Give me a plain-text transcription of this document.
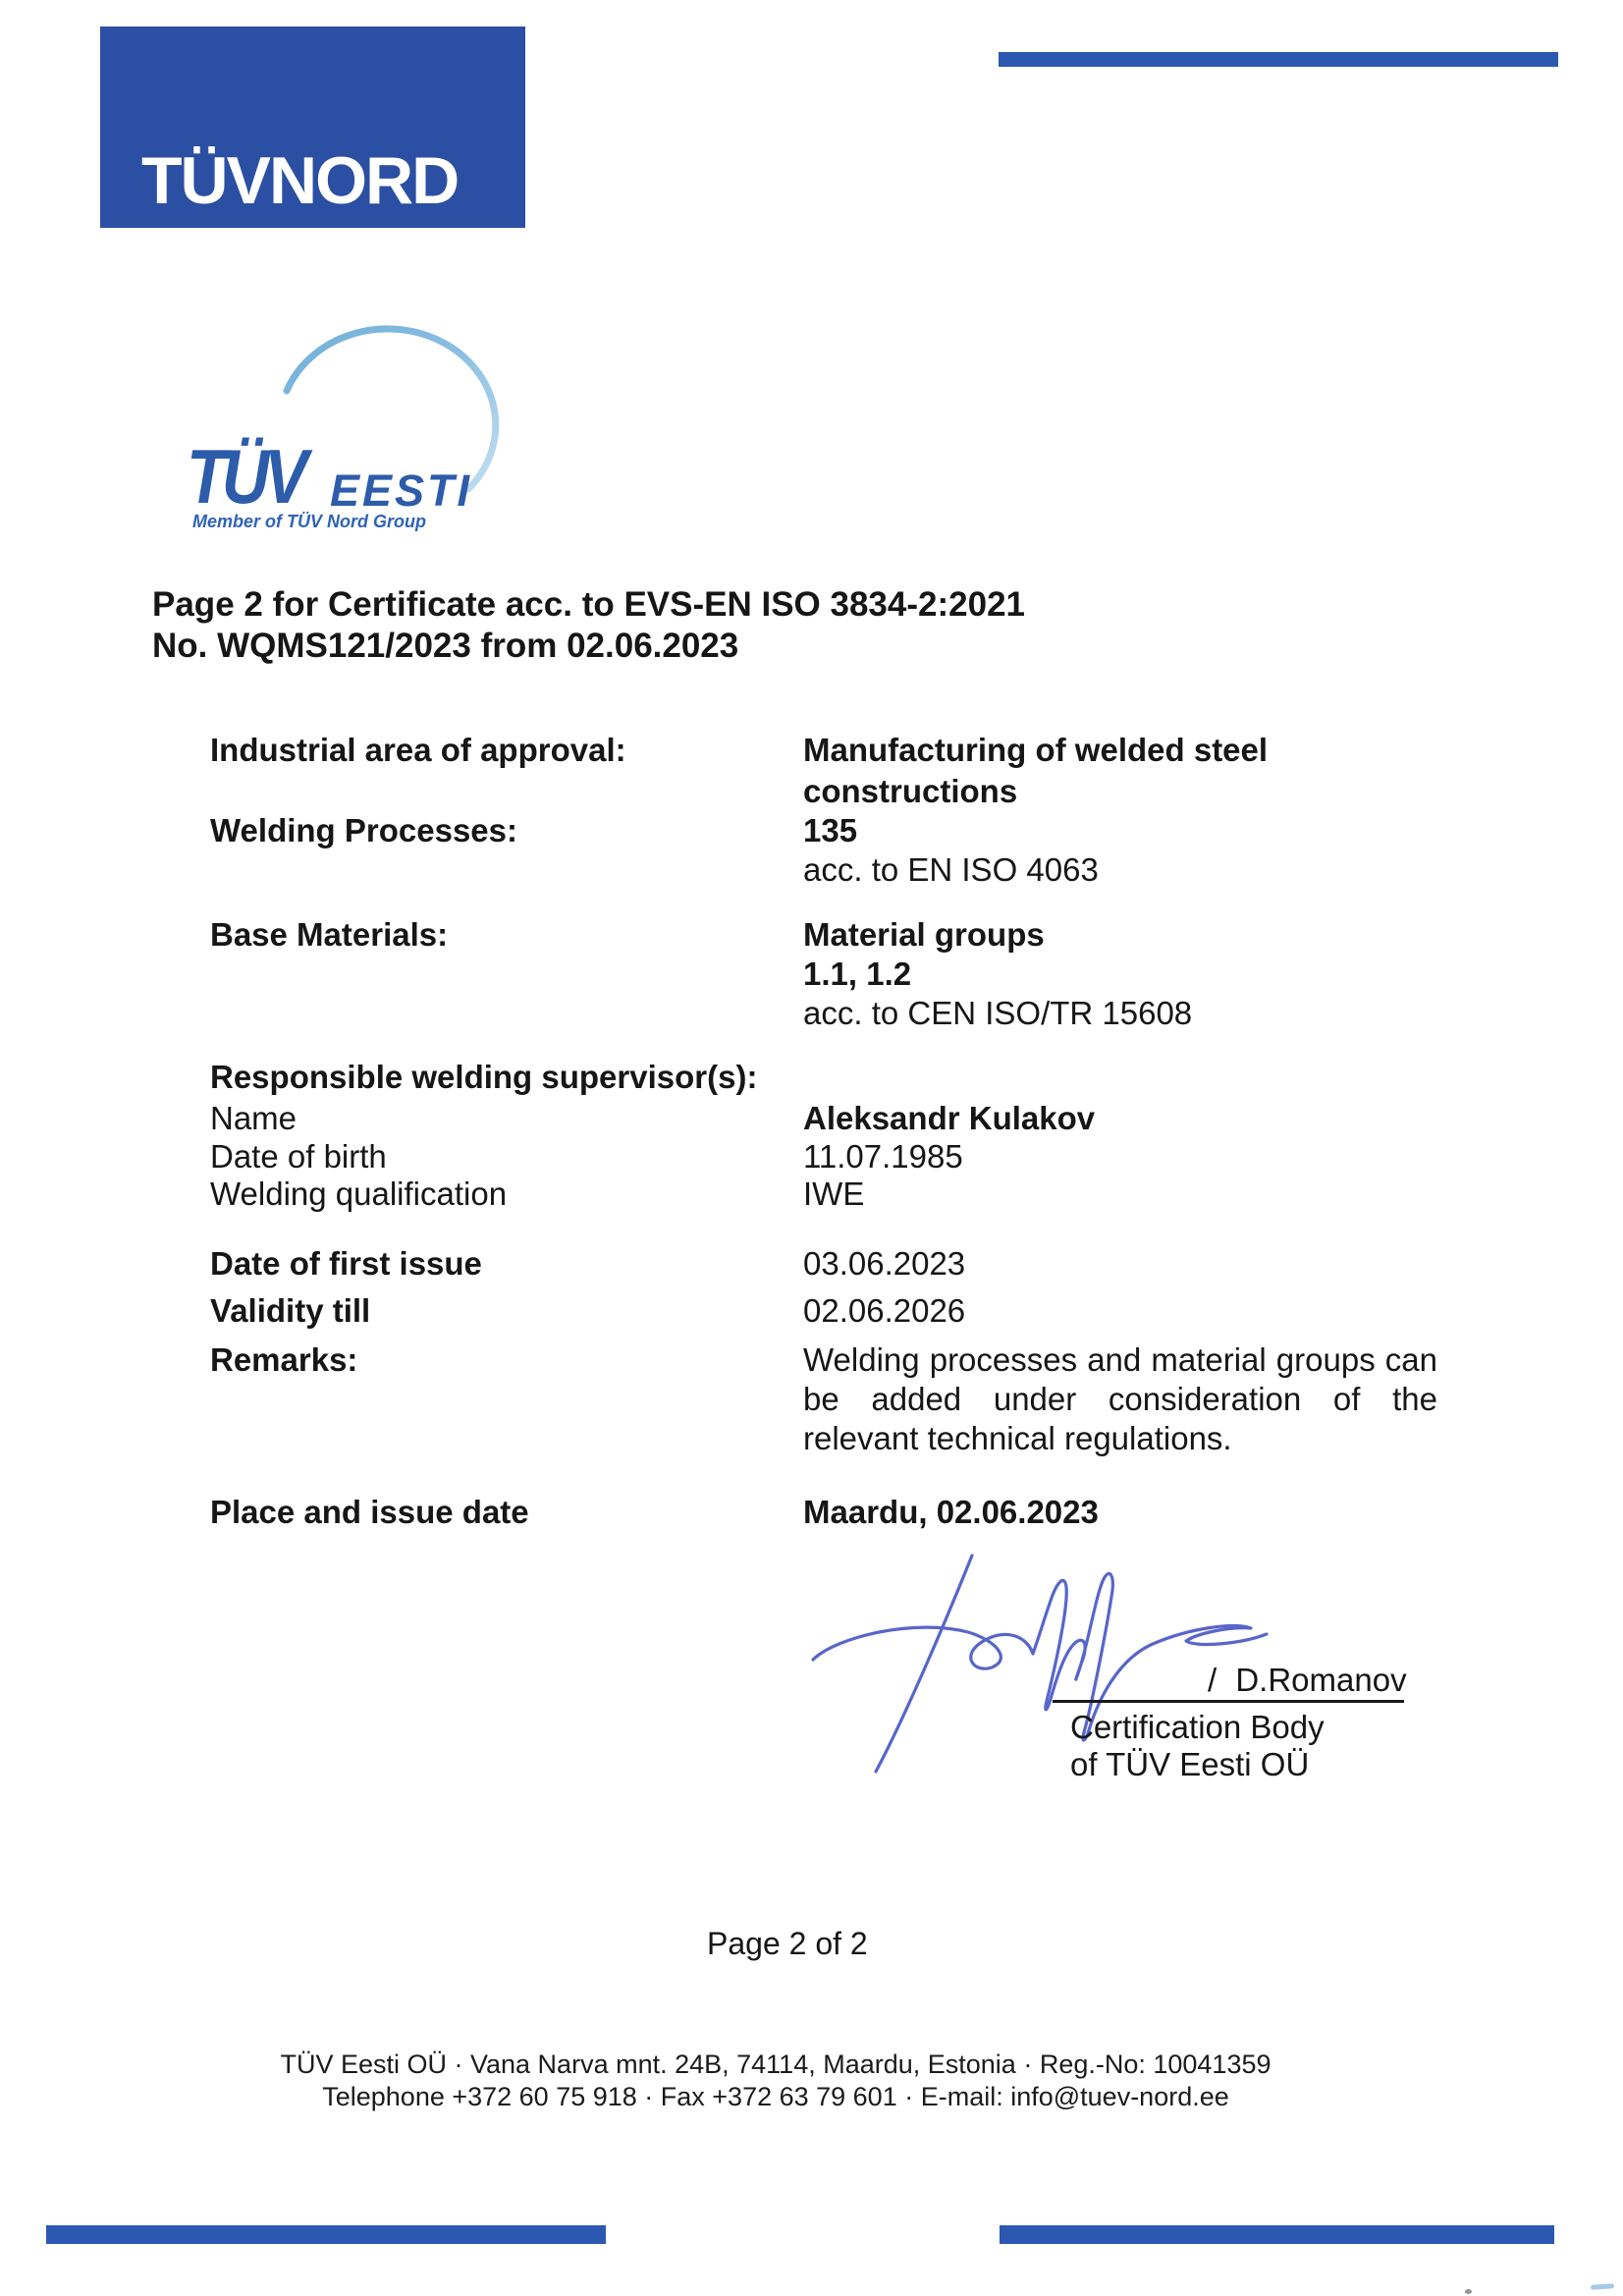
TÜVNORD
TÜV EESTI
Member of TÜV Nord Group
Page 2 for Certificate acc. to EVS-EN ISO 3834-2:2021
No. WQMS121/2023 from 02.06.2023
Industrial area of approval:	Manufacturing of welded steel
constructions
Welding Processes:	135
acc. to EN ISO 4063
Base Materials:	Material groups
1.1, 1.2
acc. to CEN ISO/TR 15608
Responsible welding supervisor(s):
Name	Aleksandr Kulakov
Date of birth	11.07.1985
Welding qualification	IWE
Date of first issue	03.06.2023
Validity till	02.06.2026
Remarks:	Welding processes and material groups can
be added under consideration of the
relevant technical regulations.
Place and issue date	Maardu, 02.06.2023
/ D.Romanov
Certification Body
of TÜV Eesti OÜ
Page 2 of 2
TÜV Eesti OÜ · Vana Narva mnt. 24B, 74114, Maardu, Estonia · Reg.-No: 10041359
Telephone +372 60 75 918 · Fax +372 63 79 601 · E-mail: info@tuev-nord.ee
